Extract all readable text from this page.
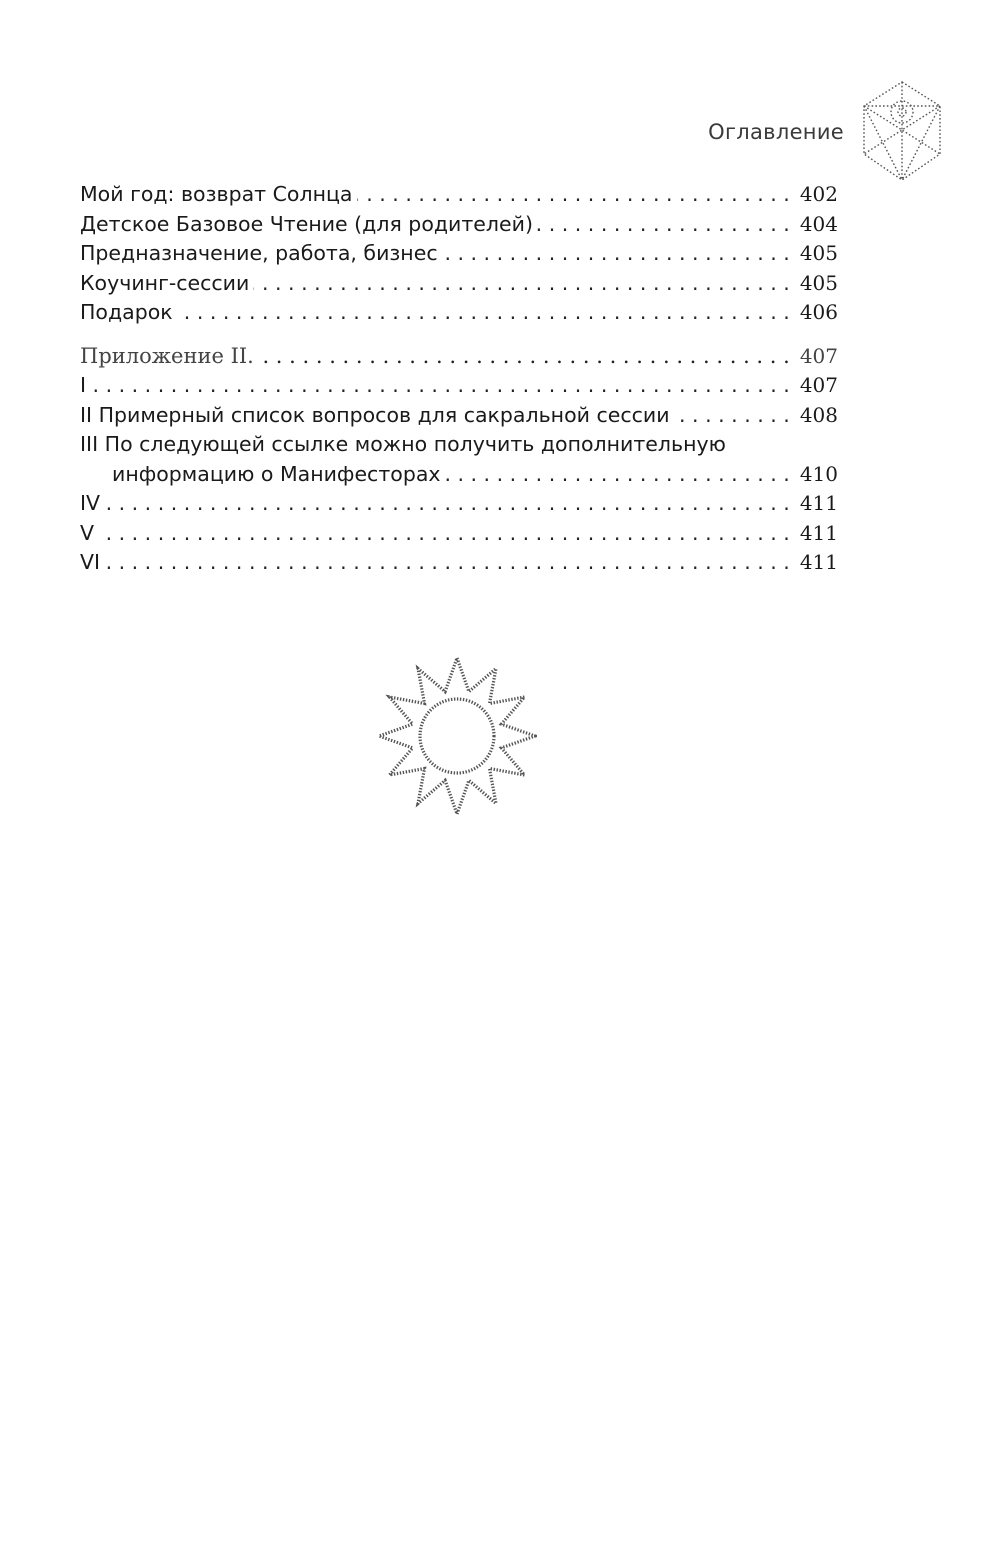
Оглавление
Мой год: возврат Солнца . . .	402
Детское Базовое Чтение (для родителей) . . .	404
Предназначение, работа, бизнес . . .	405
Коучинг-сессии . . .	405
Подарок . . .	406
Приложение II. . . .	407
I . . .	407
II Примерный список вопросов для сакральной сессии . . .	408
III По следующей ссылке можно получить дополнительную
информацию о Манифесторах . . .	410
IV . . .	411
V . . .	411
VI . . .	411
